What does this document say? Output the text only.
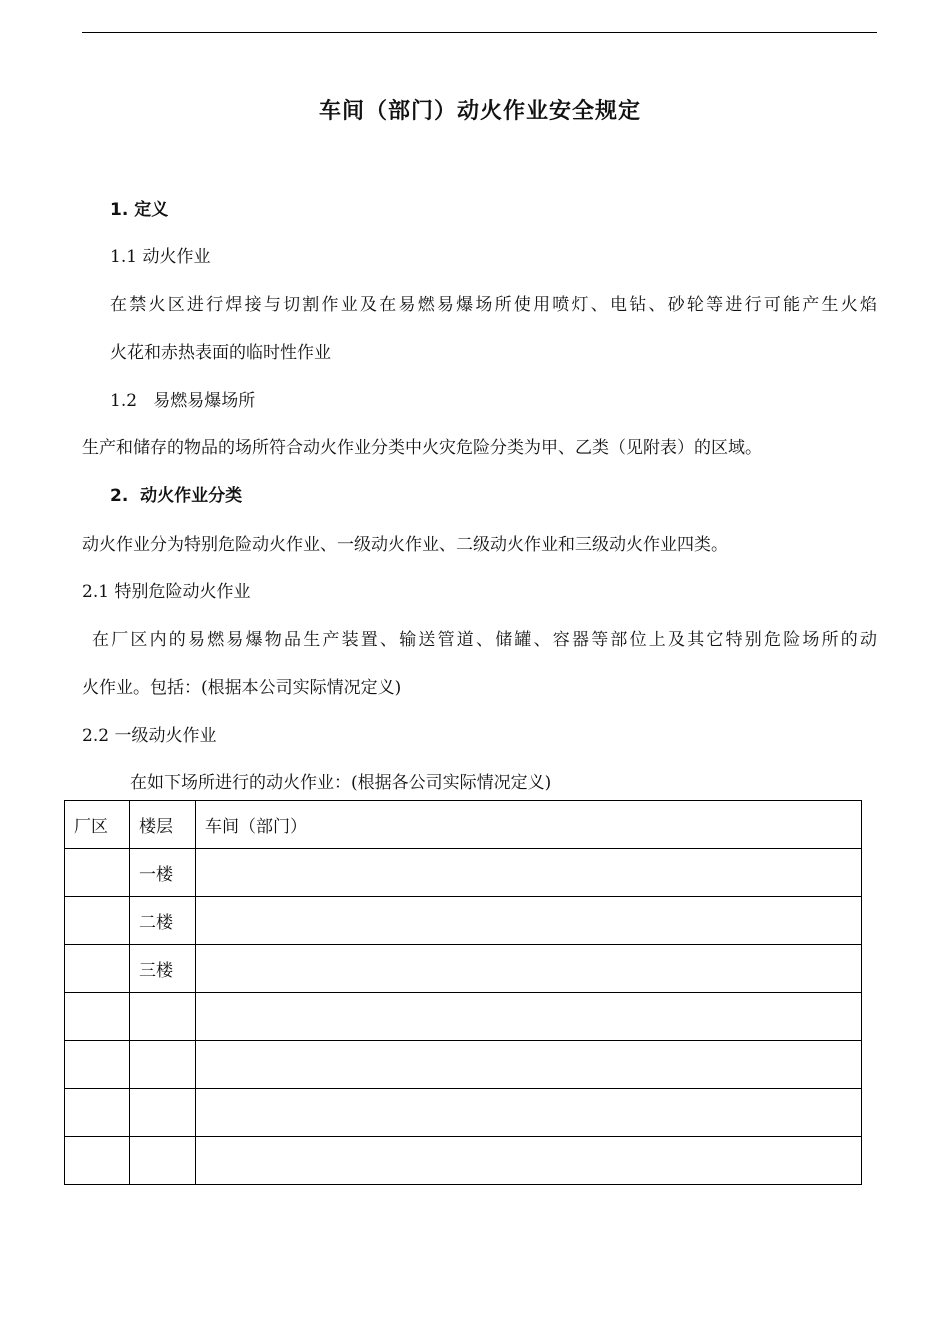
车间（部门）动火作业安全规定
1. 定义
1.1 动火作业
在禁火区进行焊接与切割作业及在易燃易爆场所使用喷灯、电钻、砂轮等进行可能产生火焰
火花和赤热表面的临时性作业
1.2   易燃易爆场所
生产和储存的物品的场所符合动火作业分类中火灾危险分类为甲、乙类（见附表）的区域。
2.  动火作业分类
动火作业分为特别危险动火作业、一级动火作业、二级动火作业和三级动火作业四类。
2.1 特别危险动火作业
在厂区内的易燃易爆物品生产装置、输送管道、储罐、容器等部位上及其它特别危险场所的动
火作业。包括：(根据本公司实际情况定义)
2.2 一级动火作业
在如下场所进行的动火作业：(根据各公司实际情况定义)
厂区	楼层	车间（部门）
	一楼	
	二楼	
	三楼	
